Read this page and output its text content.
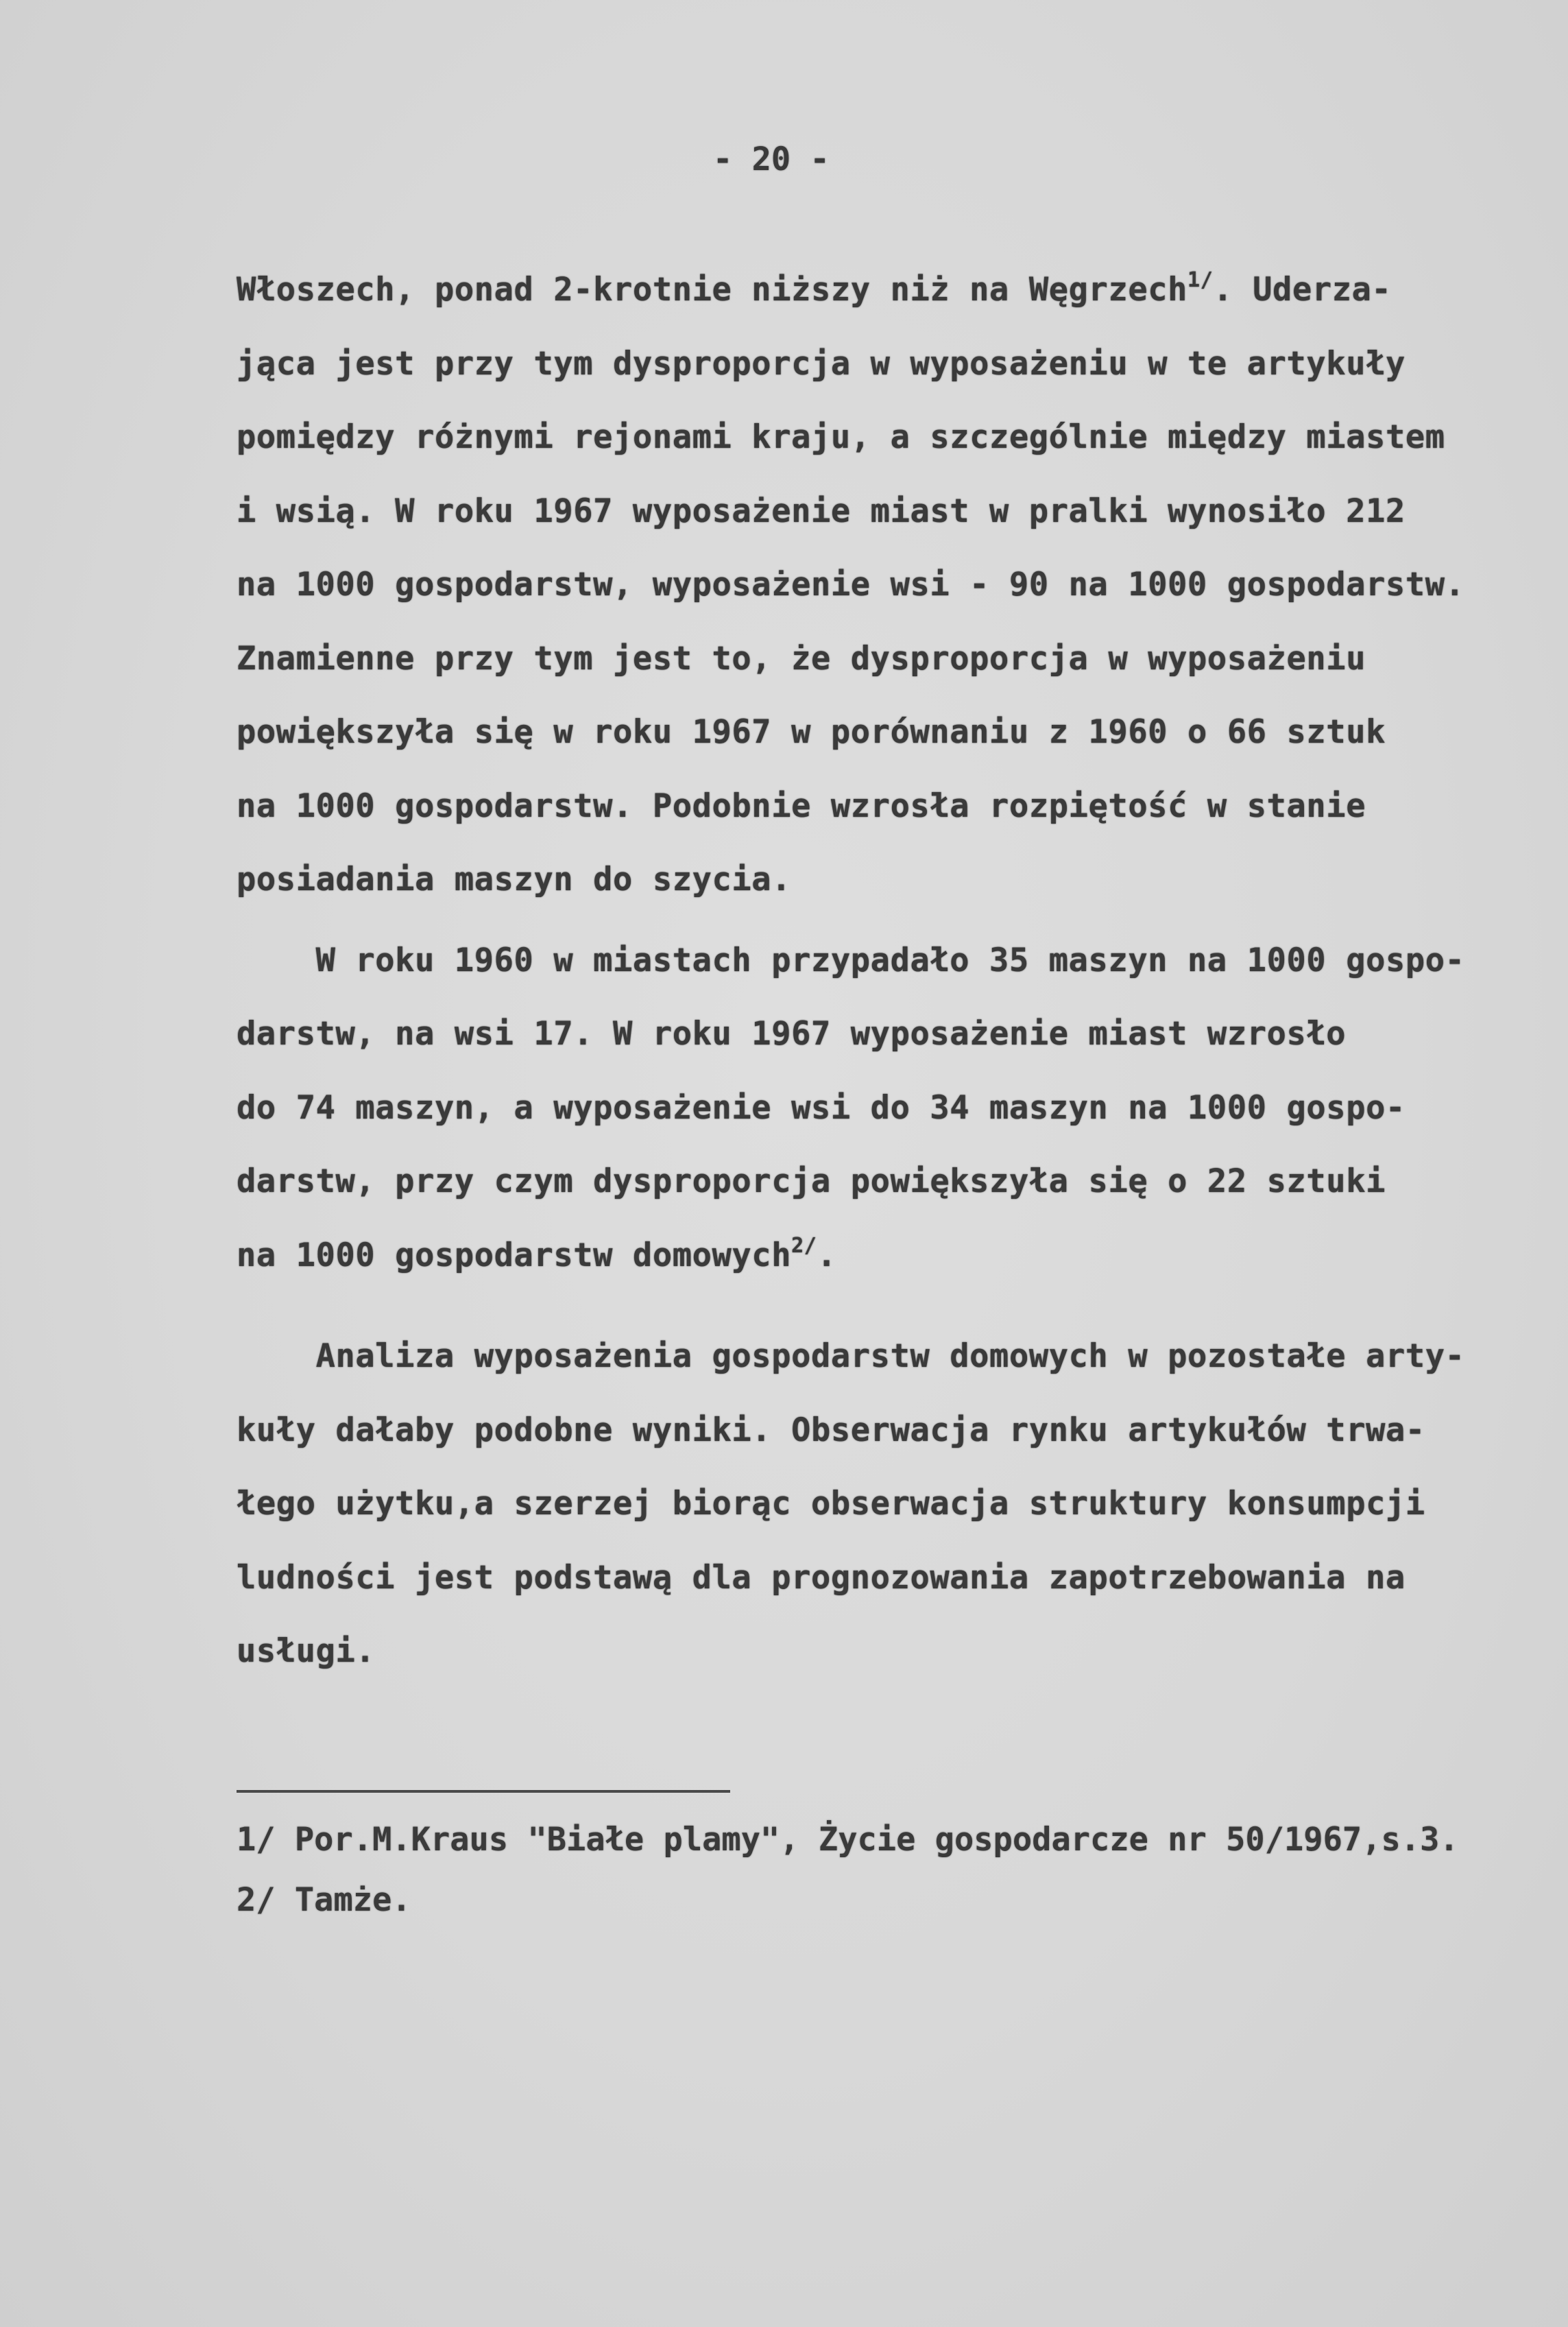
- 20 -
Włoszech, ponad 2-krotnie niższy niż na Węgrzech$^{1/}$. Uderza-
jąca jest przy tym dysproporcja w wyposażeniu w te artykuły
pomiędzy różnymi rejonami kraju, a szczególnie między miastem
i wsią. W roku 1967 wyposażenie miast w pralki wynosiło 212
na 1000 gospodarstw, wyposażenie wsi - 90 na 1000 gospodarstw.
Znamienne przy tym jest to, że dysproporcja w wyposażeniu
powiększyła się w roku 1967 w porównaniu z 1960 o 66 sztuk
na 1000 gospodarstw. Podobnie wzrosła rozpiętość w stanie
posiadania maszyn do szycia.
W roku 1960 w miastach przypadało 35 maszyn na 1000 gospo-
darstw, na wsi 17. W roku 1967 wyposażenie miast wzrosło
do 74 maszyn, a wyposażenie wsi do 34 maszyn na 1000 gospo-
darstw, przy czym dysproporcja powiększyła się o 22 sztuki
na 1000 gospodarstw domowych$^{2/}$.
Analiza wyposażenia gospodarstw domowych w pozostałe arty-
kuły dałaby podobne wyniki. Obserwacja rynku artykułów trwa-
łego użytku,a szerzej biorąc obserwacja struktury konsumpcji
ludności jest podstawą dla prognozowania zapotrzebowania na
usługi.
1/ Por.M.Kraus "Białe plamy", Życie gospodarcze nr 50/1967,s.3.
2/ Tamże.
